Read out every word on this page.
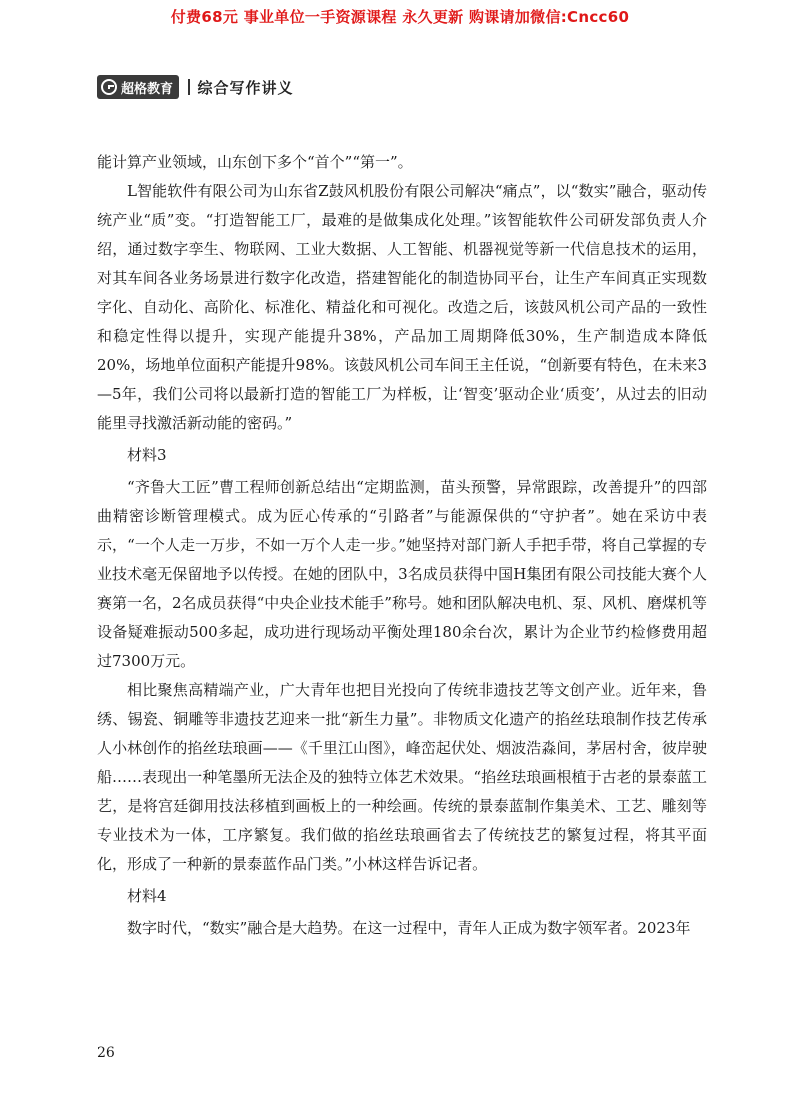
付费68元 事业单位一手资源课程 永久更新 购课请加微信:Cncc60
超格教育 综合写作讲义

能计算产业领域，山东创下多个“首个”“第一”。

L智能软件有限公司为山东省Z鼓风机股份有限公司解决“痛点”，以“数实”融合，驱动传统产业“质”变。“打造智能工厂，最难的是做集成化处理。”该智能软件公司研发部负责人介绍，通过数字孪生、物联网、工业大数据、人工智能、机器视觉等新一代信息技术的运用，对其车间各业务场景进行数字化改造，搭建智能化的制造协同平台，让生产车间真正实现数字化、自动化、高阶化、标准化、精益化和可视化。改造之后，该鼓风机公司产品的一致性和稳定性得以提升，实现产能提升38%，产品加工周期降低30%，生产制造成本降低20%，场地单位面积产能提升98%。该鼓风机公司车间王主任说，“创新要有特色，在未来3—5年，我们公司将以最新打造的智能工厂为样板，让‘智变’驱动企业‘质变’，从过去的旧动能里寻找激活新动能的密码。”

材料3

“齐鲁大工匠”曹工程师创新总结出“定期监测，苗头预警，异常跟踪，改善提升”的四部曲精密诊断管理模式。成为匠心传承的“引路者”与能源保供的“守护者”。她在采访中表示，“一个人走一万步，不如一万个人走一步。”她坚持对部门新人手把手带，将自己掌握的专业技术毫无保留地予以传授。在她的团队中，3名成员获得中国H集团有限公司技能大赛个人赛第一名，2名成员获得“中央企业技术能手”称号。她和团队解决电机、泵、风机、磨煤机等设备疑难振动500多起，成功进行现场动平衡处理180余台次，累计为企业节约检修费用超过7300万元。

相比聚焦高精端产业，广大青年也把目光投向了传统非遗技艺等文创产业。近年来，鲁绣、锡瓷、铜雕等非遗技艺迎来一批“新生力量”。非物质文化遗产的掐丝珐琅制作技艺传承人小林创作的掐丝珐琅画——《千里江山图》，峰峦起伏处、烟波浩淼间，茅居村舍，彼岸驶船……表现出一种笔墨所无法企及的独特立体艺术效果。“掐丝珐琅画根植于古老的景泰蓝工艺，是将宫廷御用技法移植到画板上的一种绘画。传统的景泰蓝制作集美术、工艺、雕刻等专业技术为一体，工序繁复。我们做的掐丝珐琅画省去了传统技艺的繁复过程，将其平面化，形成了一种新的景泰蓝作品门类。”小林这样告诉记者。

材料4

数字时代，“数实”融合是大趋势。在这一过程中，青年人正成为数字领军者。2023年

26
